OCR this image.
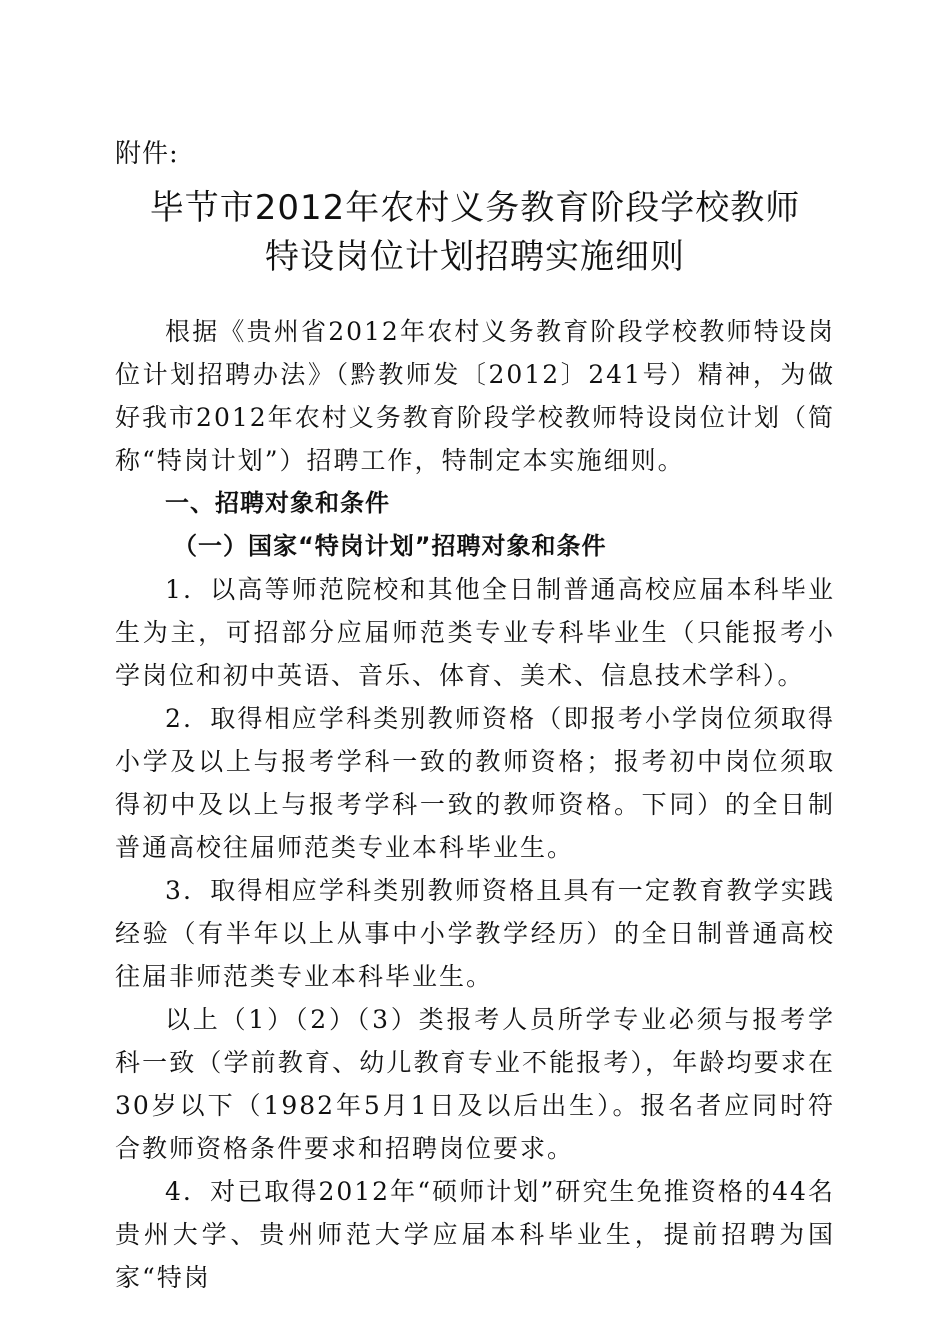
附件:
毕节市2012年农村义务教育阶段学校教师
特设岗位计划招聘实施细则

根据《贵州省2012年农村义务教育阶段学校教师特设岗位计划招聘办法》（黔教师发〔2012〕241号）精神，为做好我市2012年农村义务教育阶段学校教师特设岗位计划（简称“特岗计划”）招聘工作，特制定本实施细则。

一、招聘对象和条件

（一）国家“特岗计划”招聘对象和条件

1．以高等师范院校和其他全日制普通高校应届本科毕业生为主，可招部分应届师范类专业专科毕业生（只能报考小学岗位和初中英语、音乐、体育、美术、信息技术学科）。

2．取得相应学科类别教师资格（即报考小学岗位须取得小学及以上与报考学科一致的教师资格；报考初中岗位须取得初中及以上与报考学科一致的教师资格。下同）的全日制普通高校往届师范类专业本科毕业生。

3．取得相应学科类别教师资格且具有一定教育教学实践经验（有半年以上从事中小学教学经历）的全日制普通高校往届非师范类专业本科毕业生。

以上（1）（2）（3）类报考人员所学专业必须与报考学科一致（学前教育、幼儿教育专业不能报考），年龄均要求在30岁以下（1982年5月1日及以后出生）。报名者应同时符合教师资格条件要求和招聘岗位要求。

4．对已取得2012年“硕师计划”研究生免推资格的44名贵州大学、贵州师范大学应届本科毕业生，提前招聘为国家“特岗
